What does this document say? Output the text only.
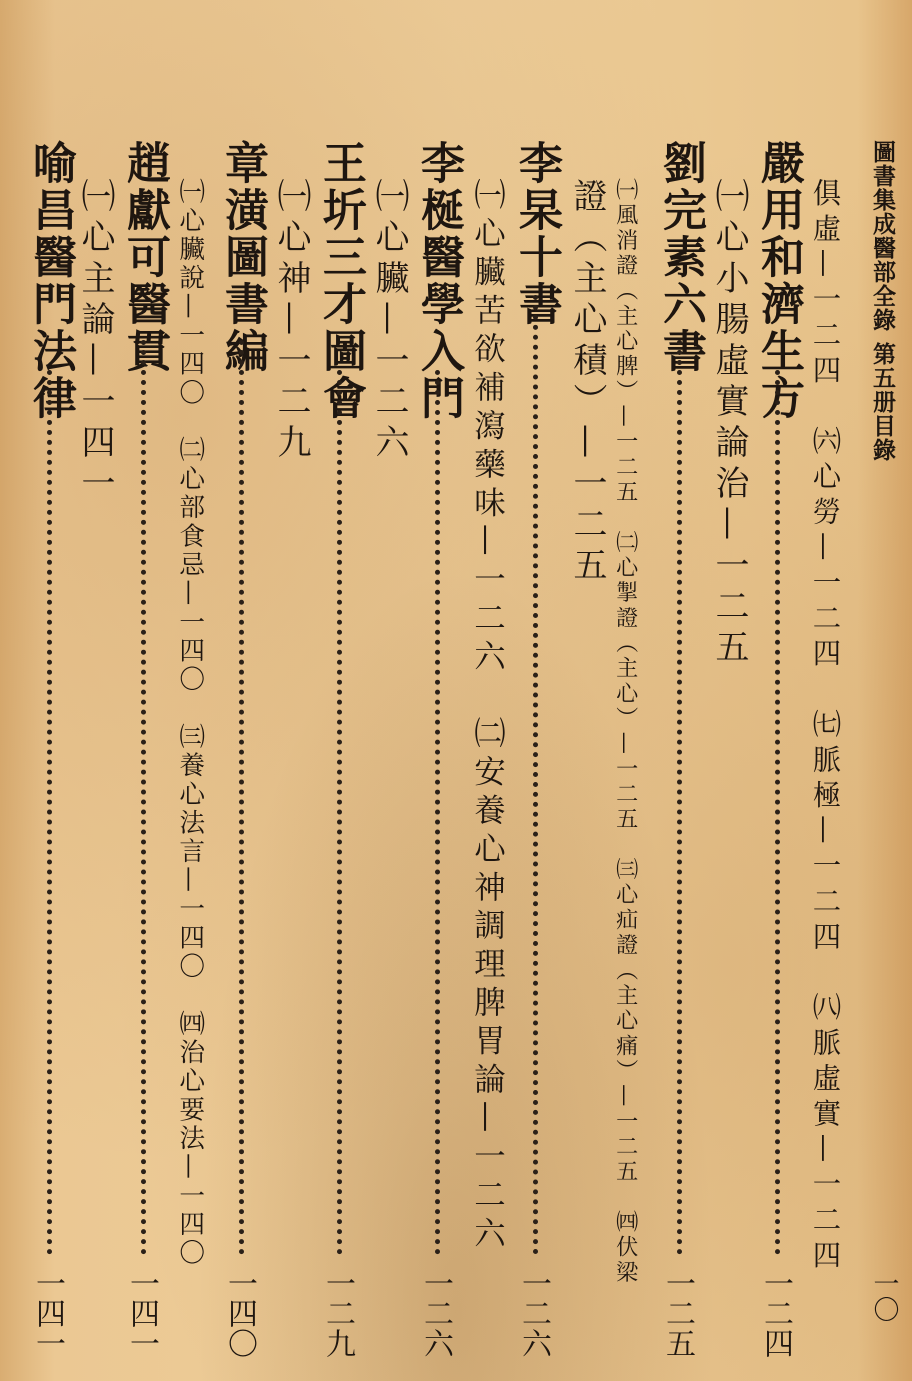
圖書集成醫部全錄第五册目錄
一〇
俱虛—一二四　㈥心勞—一二四　㈦脈極—一二四　㈧脈虛實—一二四
嚴用和濟生方
一二四
㈠心小腸虛實論治—一二五
劉完素六書
一二五
㈠風消證（主心脾）—一二五　㈡心掣證（主心）—一二五　㈢心疝證（主心痛）—一二五　㈣伏梁
證（主心積）—一二五
李杲十書
一二六
㈠心臟苦欲補瀉藥味—一二六　㈡安養心神調理脾胃論—一二六
李梴醫學入門
一二六
㈠心臟—一二六
王圻三才圖會
一二九
㈠心神—一二九
章潢圖書編
一四〇
㈠心臟說—一四〇　㈡心部食忌—一四〇　㈢養心法言—一四〇　㈣治心要法—一四〇
趙獻可醫貫
一四一
㈠心主論—一四一
喻昌醫門法律
一四一
